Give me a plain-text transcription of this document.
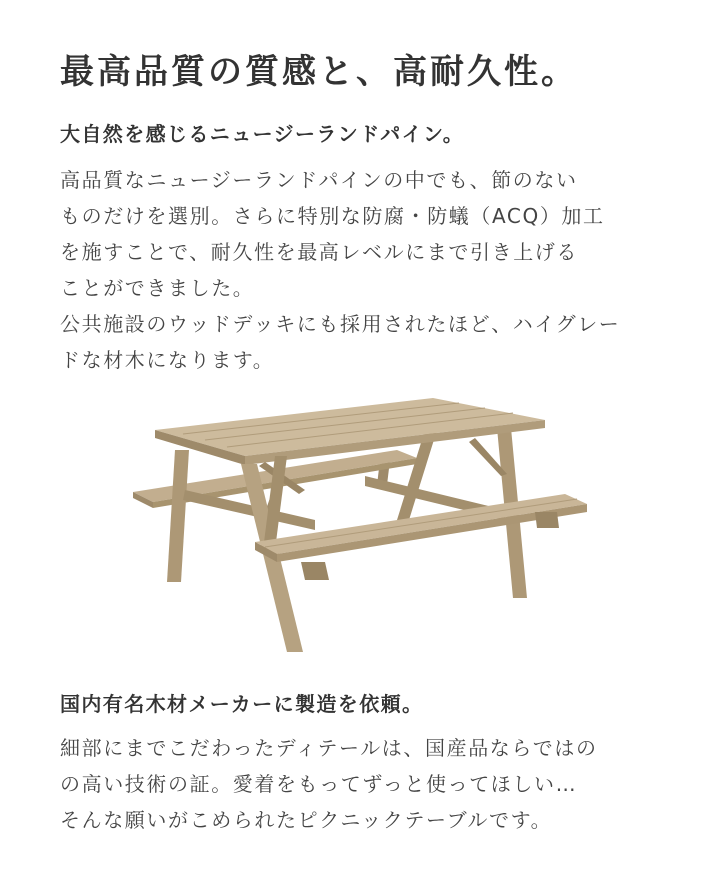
最高品質の質感と、高耐久性。
大自然を感じるニュージーランドパイン。

高品質なニュージーランドパインの中でも、節のない
ものだけを選別。さらに特別な防腐・防蟻（ACQ）加工
を施すことで、耐久性を最高レベルにまで引き上げる
ことができました。
公共施設のウッドデッキにも採用されたほど、ハイグレー
ドな材木になります。

国内有名木材メーカーに製造を依頼。

細部にまでこだわったディテールは、国産品ならではの
の高い技術の証。愛着をもってずっと使ってほしい…
そんな願いがこめられたピクニックテーブルです。
